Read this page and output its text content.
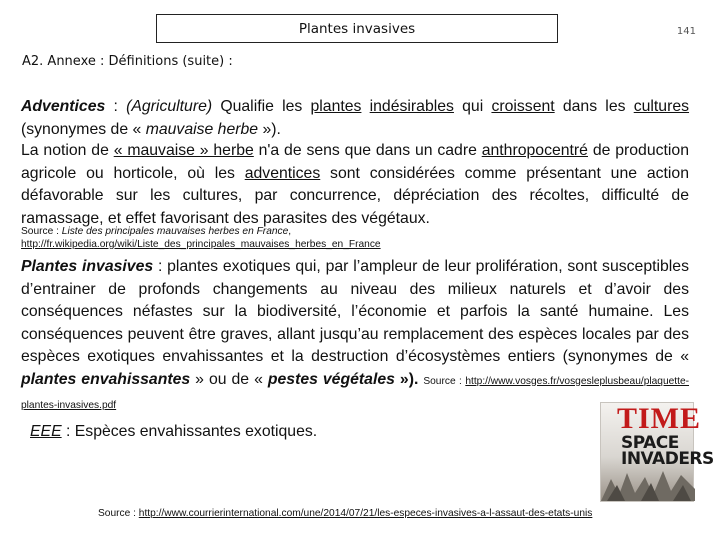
Plantes invasives	141
A2. Annexe : Définitions (suite) :

Adventices : (Agriculture) Qualifie les plantes indésirables qui croissent dans les cultures (synonymes de « mauvaise herbe »).

La notion de « mauvaise » herbe n'a de sens que dans un cadre anthropocentré de production agricole ou horticole, où les adventices sont considérées comme présentant une action défavorable sur les cultures, par concurrence, dépréciation des récoltes, difficulté de ramassage, et effet favorisant des parasites des végétaux.

Source : Liste des principales mauvaises herbes en France,
http://fr.wikipedia.org/wiki/Liste_des_principales_mauvaises_herbes_en_France

Plantes invasives : plantes exotiques qui, par l’ampleur de leur prolifération, sont susceptibles d’entrainer de profonds changements au niveau des milieux naturels et d’avoir des conséquences néfastes sur la biodiversité, l’économie et parfois la santé humaine. Les conséquences peuvent être graves, allant jusqu’au remplacement des espèces locales par des espèces exotiques envahissantes et la destruction d’écosystèmes entiers (synonymes de « plantes envahissantes » ou de « pestes végétales »). Source : http://www.vosges.fr/vosgesleplusbeau/plaquette-plantes-invasives.pdf

EEE : Espèces envahissantes exotiques.	TIME
SPACE INVADERS
Source : http://www.courrierinternational.com/une/2014/07/21/les-especes-invasives-a-l-assaut-des-etats-unis
